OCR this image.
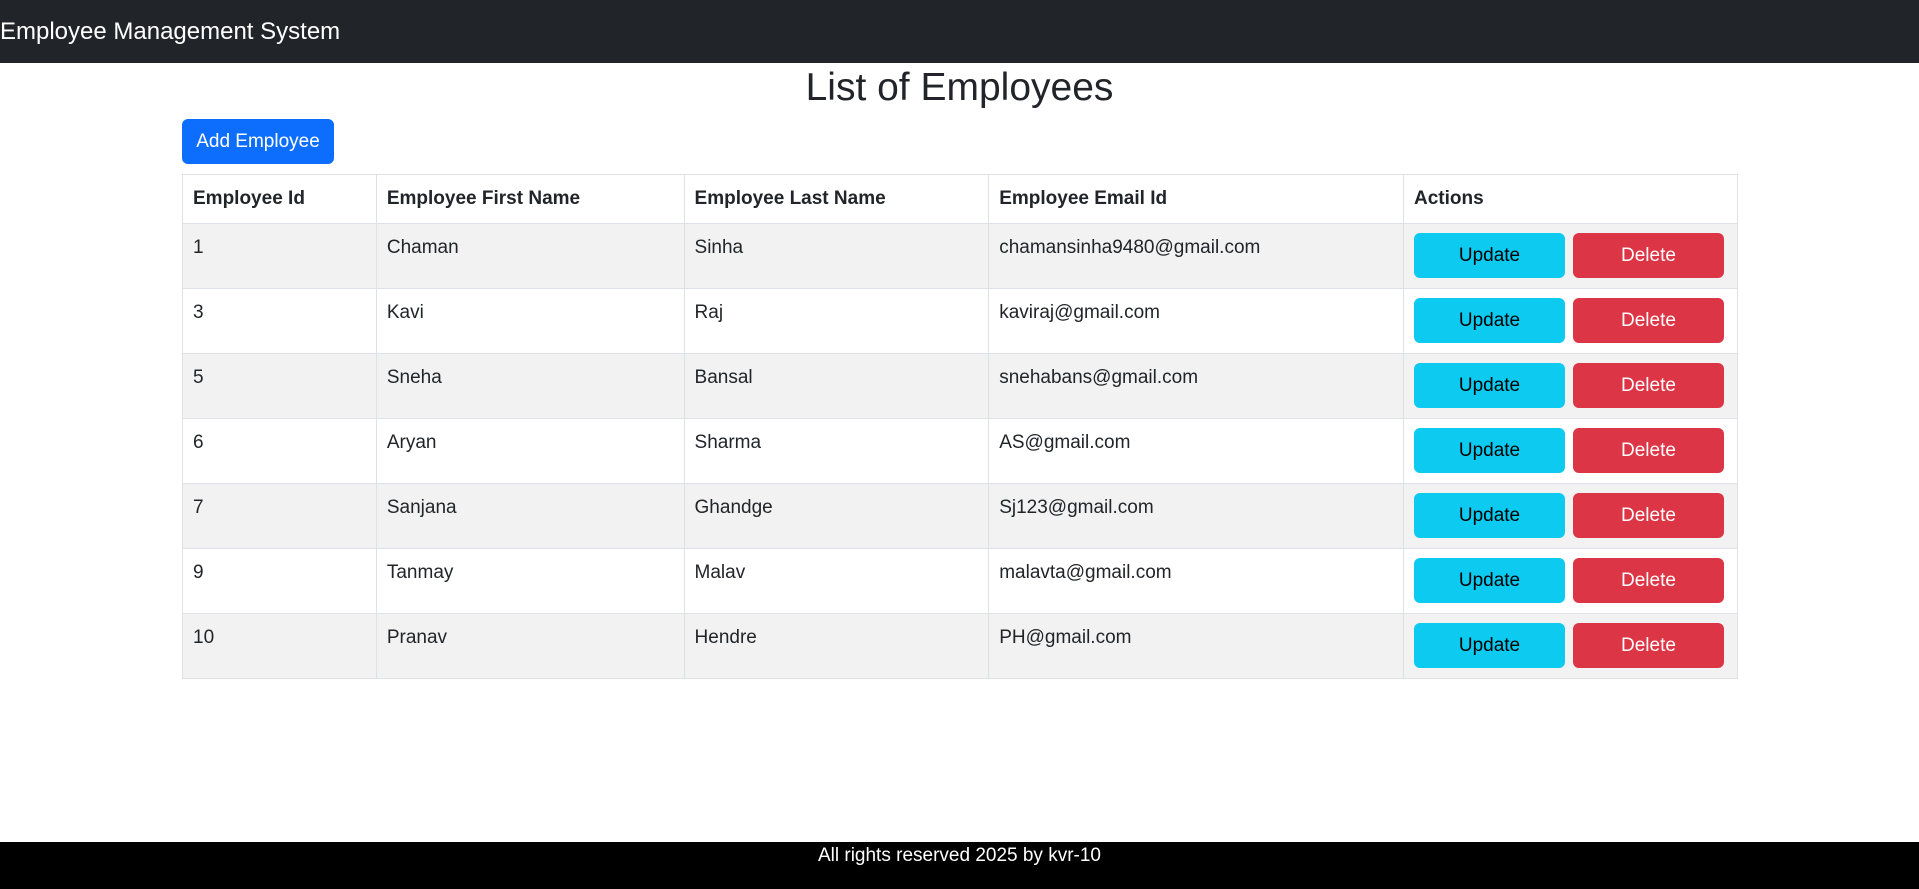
Employee Management System
List of Employees
Add Employee
Employee Id	Employee First Name	Employee Last Name	Employee Email Id	Actions
1	Chaman	Sinha	chamansinha9480@gmail.com	Update Delete
3	Kavi	Raj	kaviraj@gmail.com	Update Delete
5	Sneha	Bansal	snehabans@gmail.com	Update Delete
6	Aryan	Sharma	AS@gmail.com	Update Delete
7	Sanjana	Ghandge	Sj123@gmail.com	Update Delete
9	Tanmay	Malav	malavta@gmail.com	Update Delete
10	Pranav	Hendre	PH@gmail.com	Update Delete
All rights reserved 2025 by kvr-10
